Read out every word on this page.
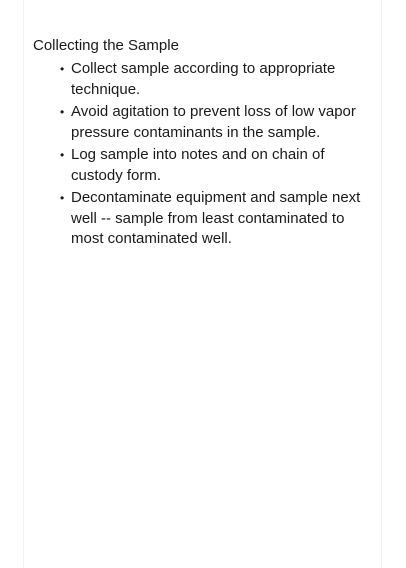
Collecting the Sample
• Collect sample according to appropriate technique.
• Avoid agitation to prevent loss of low vapor pressure contaminants in the sample.
• Log sample into notes and on chain of custody form.
• Decontaminate equipment and sample next well -- sample from least contaminated to most contaminated well.
